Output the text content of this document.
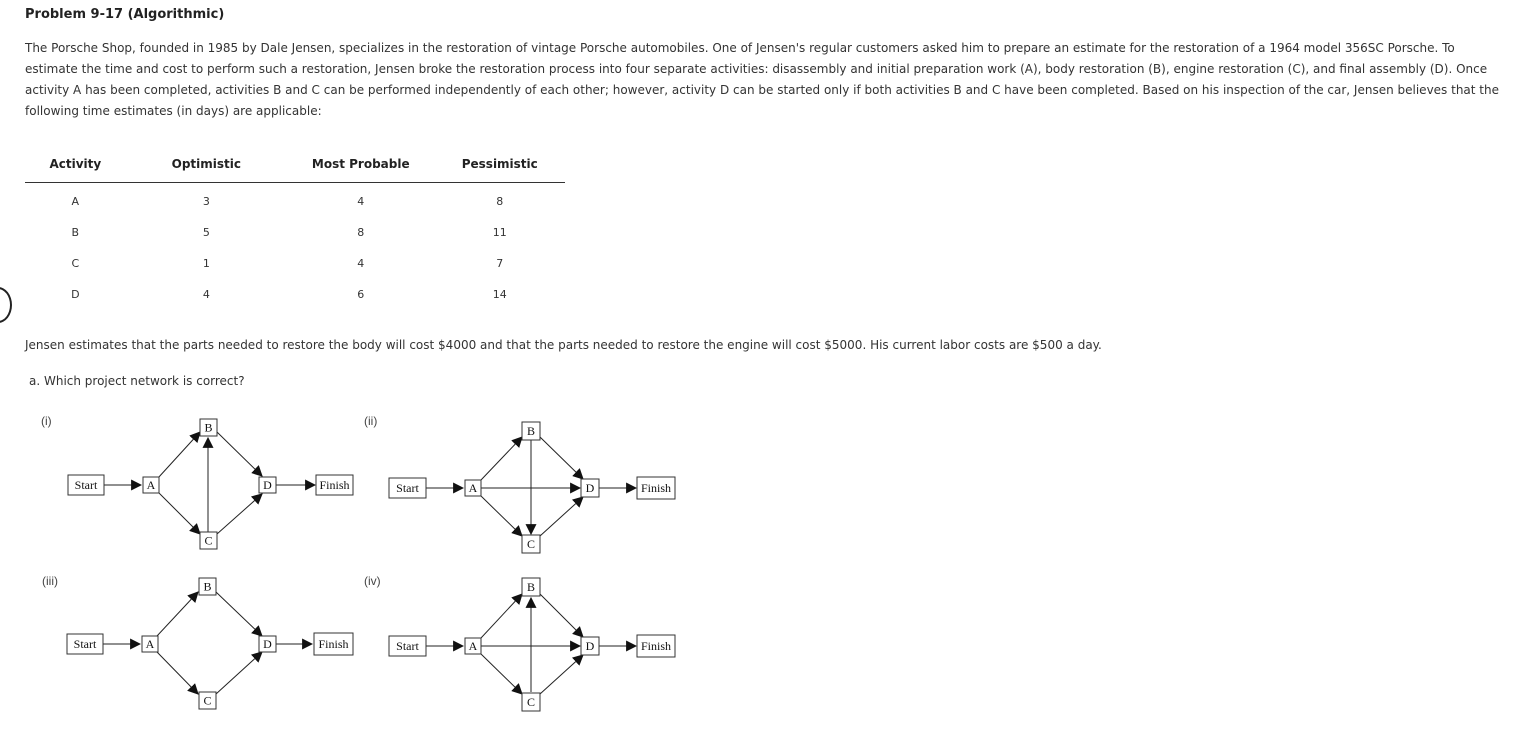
Problem 9-17 (Algorithmic)

The Porsche Shop, founded in 1985 by Dale Jensen, specializes in the restoration of vintage Porsche automobiles. One of Jensen's regular customers asked him to prepare an estimate for the restoration of a 1964 model 356SC Porsche. To estimate the time and cost to perform such a restoration, Jensen broke the restoration process into four separate activities: disassembly and initial preparation work (A), body restoration (B), engine restoration (C), and final assembly (D). Once activity A has been completed, activities B and C can be performed independently of each other; however, activity D can be started only if both activities B and C have been completed. Based on his inspection of the car, Jensen believes that the following time estimates (in days) are applicable:

Activity	Optimistic	Most Probable	Pessimistic
A	3	4	8
B	5	8	11
C	1	4	7
D	4	6	14
Jensen estimates that the parts needed to restore the body will cost $4000 and that the parts needed to restore the engine will cost $5000. His current labor costs are $500 a day.
a. Which project network is correct?
(i)	(ii)
(iii)	(iv)
Start	A
B
C
D	Finish	Start	A
B
C
D	Finish
Start	A
B
C
D	Finish	Start	A
B
C
D	Finish
